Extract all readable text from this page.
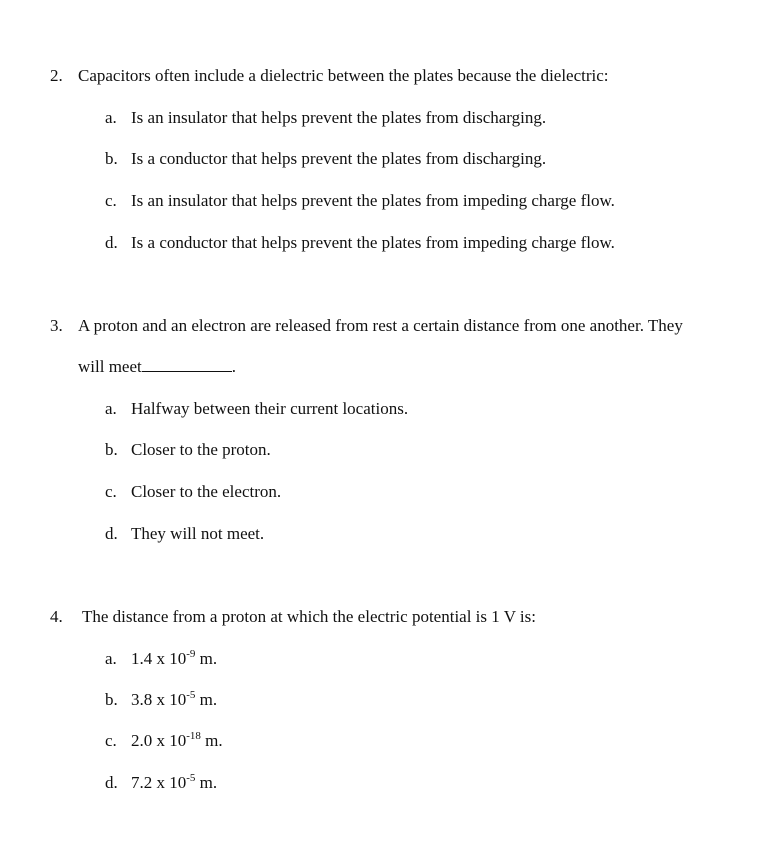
2. Capacitors often include a dielectric between the plates because the dielectric:
a. Is an insulator that helps prevent the plates from discharging.
b. Is a conductor that helps prevent the plates from discharging.
c. Is an insulator that helps prevent the plates from impeding charge flow.
d. Is a conductor that helps prevent the plates from impeding charge flow.
3. A proton and an electron are released from rest a certain distance from one another. They
will meet	.
a. Halfway between their current locations.
b. Closer to the proton.
c. Closer to the electron.
d. They will not meet.
4. The distance from a proton at which the electric potential is 1 V is:
a. 1.4 x $10^{-9}$ m.
b. 3.8 x $10^{-5}$ m.
c. 2.0 x $10^{-18}$ m.
d. 7.2 x $10^{-5}$ m.
